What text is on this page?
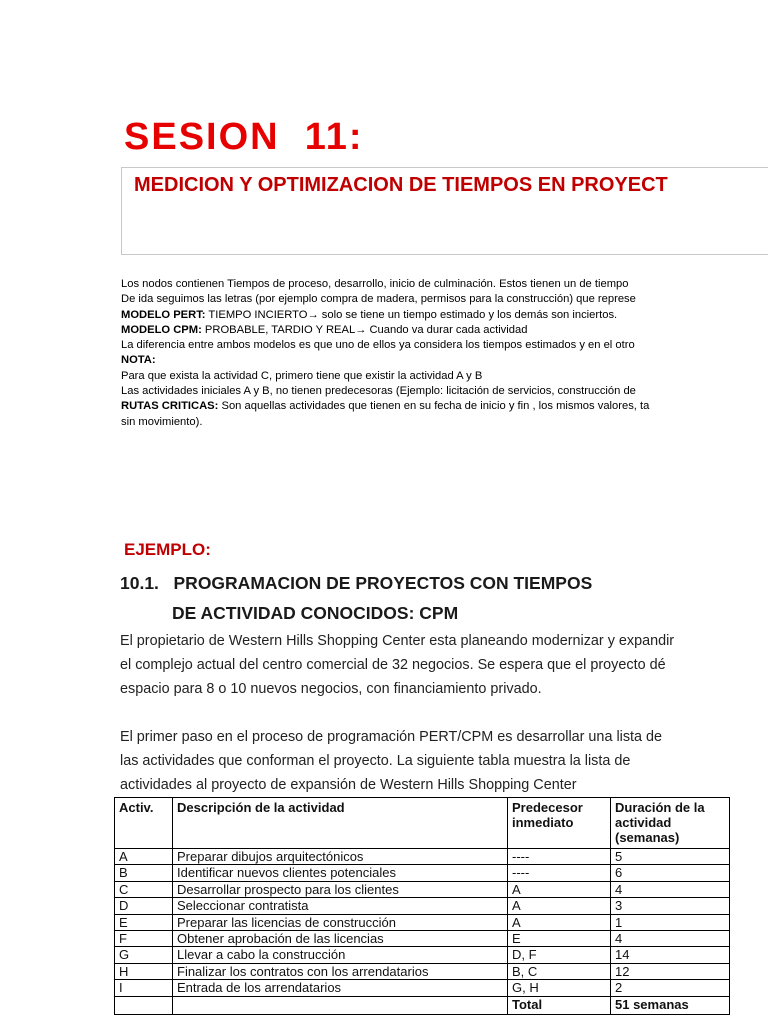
SESION  11:
MEDICION Y OPTIMIZACION DE TIEMPOS EN PROYECT
Los nodos contienen Tiempos de proceso, desarrollo, inicio de culminación. Estos tienen un de tiempo
De ida seguimos las letras (por ejemplo compra de madera, permisos para la construcción) que represe
MODELO PERT: TIEMPO INCIERTO→ solo se tiene un tiempo estimado y los demás son inciertos.
MODELO CPM: PROBABLE, TARDIO Y REAL→ Cuando va durar cada actividad
La diferencia entre ambos modelos es que uno de ellos ya considera los tiempos estimados y en el otro
NOTA:
Para que exista la actividad C, primero tiene que existir la actividad A y B
Las actividades iniciales A y B, no tienen predecesoras (Ejemplo: licitación de servicios, construcción de
RUTAS CRITICAS: Son aquellas actividades que tienen en su fecha de inicio y fin , los mismos valores, ta
sin movimiento).
EJEMPLO:
10.1.   PROGRAMACION DE PROYECTOS CON TIEMPOS
DE ACTIVIDAD CONOCIDOS: CPM
El propietario de Western Hills Shopping Center esta planeando modernizar y expandir
el complejo actual del centro comercial de 32 negocios. Se espera que el proyecto dé
espacio para 8 o 10 nuevos negocios, con financiamiento privado.
El primer paso en el proceso de programación PERT/CPM es desarrollar una lista de
las actividades que conforman el proyecto. La siguiente tabla muestra la lista de
actividades al proyecto de expansión de Western Hills Shopping Center
Activ.	Descripción de la actividad	Predecesor inmediato	Duración de la actividad (semanas)
A	Preparar dibujos arquitectónicos	----	5
B	Identificar nuevos clientes potenciales	----	6
C	Desarrollar prospecto para los clientes	A	4
D	Seleccionar contratista	A	3
E	Preparar las licencias de construcción	A	1
F	Obtener aprobación de las licencias	E	4
G	Llevar a cabo la construcción	D, F	14
H	Finalizar los contratos con los arrendatarios	B, C	12
I	Entrada de los arrendatarios	G, H	2
		Total	51 semanas
